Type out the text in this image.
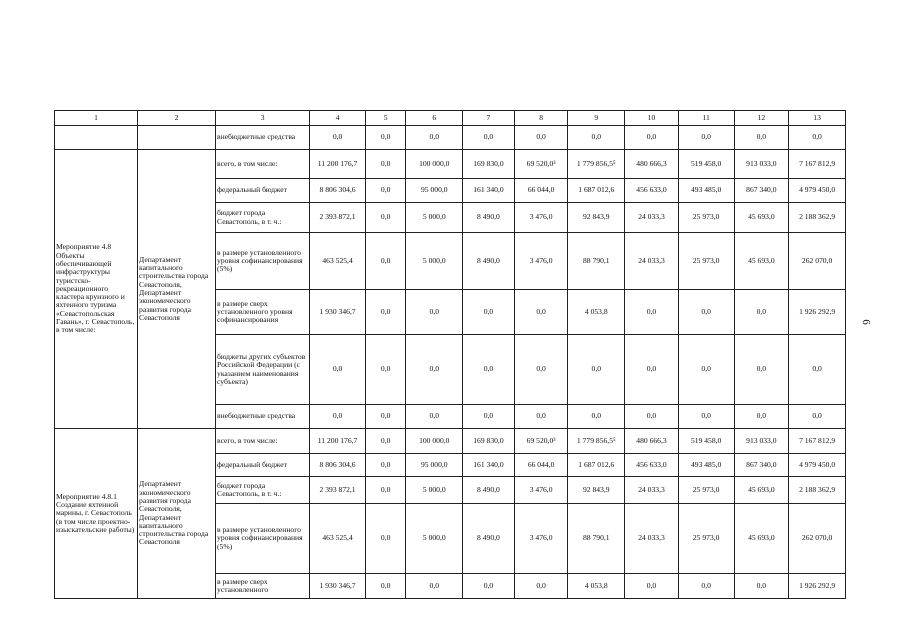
1	2	3	4	5	6	7	8	9	10	11	12	13
		внебюджетные средства	0,0	0,0	0,0	0,0	0,0	0,0	0,0	0,0	0,0	0,0
Мероприятие 4.8 Объекты обеспечивающей инфраструктуры туристско-рекреационного кластера круизного и яхтенного туризма «Севастопольская Гавань», г. Севастополь, в том числе:	Департамент капитального строительства города Севастополя, Департамент экономического развития города Севастополя	всего, в том числе:	11 200 176,7	0,0	100 000,0	169 830,0	69 520,0³	1 779 856,5⁵	480 666,3	519 458,0	913 033,0	7 167 812,9
		федеральный бюджет	8 806 304,6	0,0	95 000,0	161 340,0	66 044,0	1 687 012,6	456 633,0	493 485,0	867 340,0	4 979 450,0
		бюджет города Севастополь, в т. ч.:	2 393 872,1	0,0	5 000,0	8 490,0	3 476,0	92 843,9	24 033,3	25 973,0	45 693,0	2 188 362,9
		в размере установленного уровня софинансирования (5%)	463 525,4	0,0	5 000,0	8 490,0	3 476,0	88 790,1	24 033,3	25 973,0	45 693,0	262 070,0
		в размере сверх установленного уровня софинансирования	1 930 346,7	0,0	0,0	0,0	0,0	4 053,8	0,0	0,0	0,0	1 926 292,9
		бюджеты других субъектов Российской Федерации (с указанием наименования субъекта)	0,0	0,0	0,0	0,0	0,0	0,0	0,0	0,0	0,0	0,0
		внебюджетные средства	0,0	0,0	0,0	0,0	0,0	0,0	0,0	0,0	0,0	0,0
Мероприятие 4.8.1 Создание яхтенной марины, г. Севастополь (в том числе проектно-изыскательские работы)	Департамент экономического развития города Севастополя, Департамент капитального строительства города Севастополя	всего, в том числе:	11 200 176,7	0,0	100 000,0	169 830,0	69 520,0³	1 779 856,5⁵	480 666,3	519 458,0	913 033,0	7 167 812,9
		федеральный бюджет	8 806 304,6	0,0	95 000,0	161 340,0	66 044,0	1 687 012,6	456 633,0	493 485,0	867 340,0	4 979 450,0
		бюджет города Севастополь, в т. ч.:	2 393 872,1	0,0	5 000,0	8 490,0	3 476,0	92 843,9	24 033,3	25 973,0	45 693,0	2 188 362,9
		в размере установленного уровня софинансирования (5%)	463 525,4	0,0	5 000,0	8 490,0	3 476,0	88 790,1	24 033,3	25 973,0	45 693,0	262 070,0
		в размере сверх установленного	1 930 346,7	0,0	0,0	0,0	0,0	4 053,8	0,0	0,0	0,0	1 926 292,9
6
